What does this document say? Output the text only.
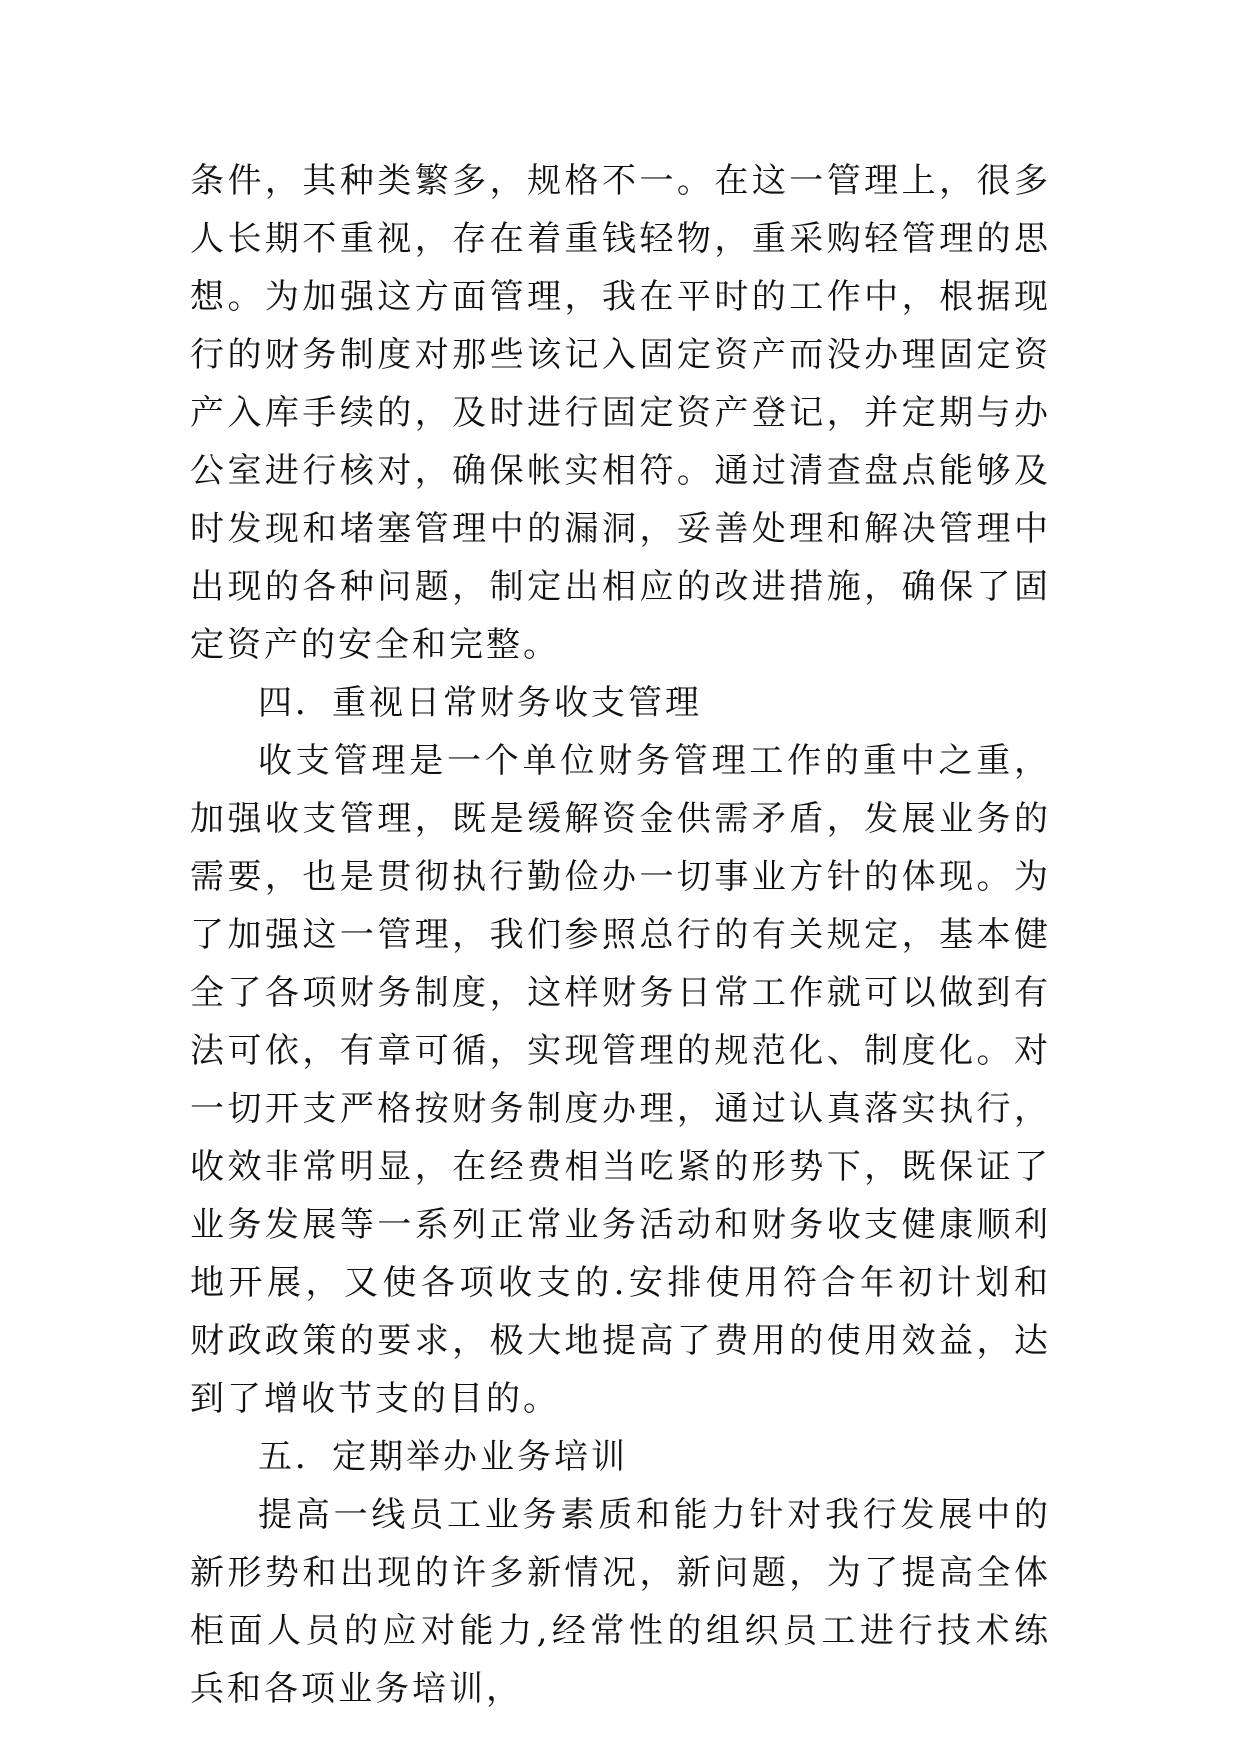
条件，其种类繁多，规格不一。在这一管理上，很多人长期不重视，存在着重钱轻物，重采购轻管理的思想。为加强这方面管理，我在平时的工作中，根据现行的财务制度对那些该记入固定资产而没办理固定资产入库手续的，及时进行固定资产登记，并定期与办公室进行核对，确保帐实相符。通过清查盘点能够及时发现和堵塞管理中的漏洞，妥善处理和解决管理中出现的各种问题，制定出相应的改进措施，确保了固定资产的安全和完整。

四．重视日常财务收支管理

收支管理是一个单位财务管理工作的重中之重，加强收支管理，既是缓解资金供需矛盾，发展业务的需要，也是贯彻执行勤俭办一切事业方针的体现。为了加强这一管理，我们参照总行的有关规定，基本健全了各项财务制度，这样财务日常工作就可以做到有法可依，有章可循，实现管理的规范化、制度化。对一切开支严格按财务制度办理，通过认真落实执行，收效非常明显，在经费相当吃紧的形势下，既保证了业务发展等一系列正常业务活动和财务收支健康顺利地开展，又使各项收支的.安排使用符合年初计划和财政政策的要求，极大地提高了费用的使用效益，达到了增收节支的目的。

五．定期举办业务培训

提高一线员工业务素质和能力针对我行发展中的新形势和出现的许多新情况，新问题，为了提高全体柜面人员的应对能力,经常性的组织员工进行技术练兵和各项业务培训，
